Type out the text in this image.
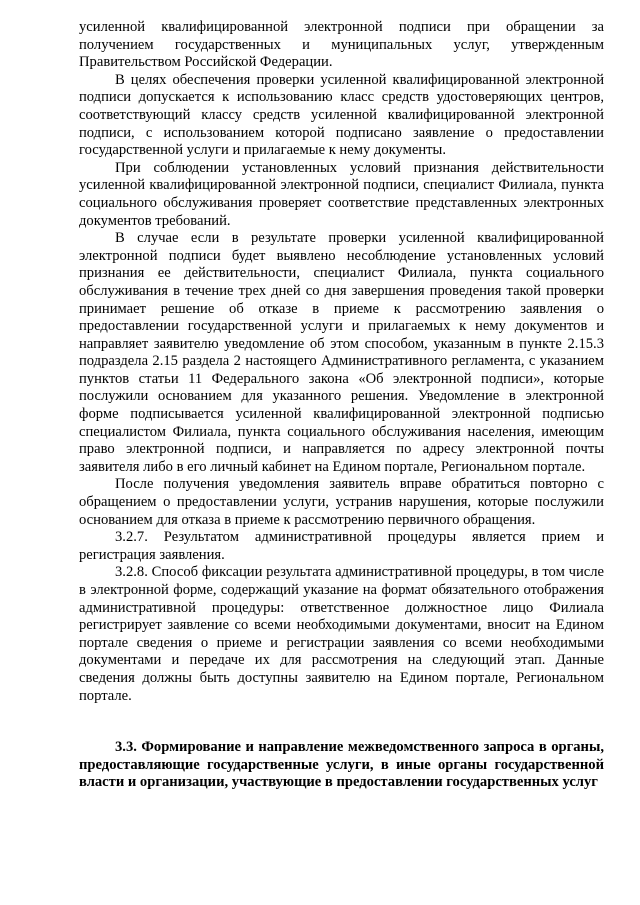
усиленной квалифицированной электронной подписи при обращении за получением государственных и муниципальных услуг, утвержденным Правительством Российской Федерации.

В целях обеспечения проверки усиленной квалифицированной электронной подписи допускается к использованию класс средств удостоверяющих центров, соответствующий классу средств усиленной квалифицированной электронной подписи, с использованием которой подписано заявление о предоставлении государственной услуги и прилагаемые к нему документы.

При соблюдении установленных условий признания действительности усиленной квалифицированной электронной подписи, специалист Филиала, пункта социального обслуживания проверяет соответствие представленных электронных документов требований.

В случае если в результате проверки усиленной квалифицированной электронной подписи будет выявлено несоблюдение установленных условий признания ее действительности, специалист Филиала, пункта социального обслуживания в течение трех дней со дня завершения проведения такой проверки принимает решение об отказе в приеме к рассмотрению заявления о предоставлении государственной услуги и прилагаемых к нему документов и направляет заявителю уведомление об этом способом, указанным в пункте 2.15.3 подраздела 2.15 раздела 2 настоящего Административного регламента, с указанием пунктов статьи 11 Федерального закона «Об электронной подписи», которые послужили основанием для указанного решения. Уведомление в электронной форме подписывается усиленной квалифицированной электронной подписью специалистом Филиала, пункта социального обслуживания населения, имеющим право электронной подписи, и направляется по адресу электронной почты заявителя либо в его личный кабинет на Едином портале, Региональном портале.

После получения уведомления заявитель вправе обратиться повторно с обращением о предоставлении услуги, устранив нарушения, которые послужили основанием для отказа в приеме к рассмотрению первичного обращения.

3.2.7. Результатом административной процедуры является прием и регистрация заявления.

3.2.8. Способ фиксации результата административной процедуры, в том числе в электронной форме, содержащий указание на формат обязательного отображения административной процедуры: ответственное должностное лицо Филиала регистрирует заявление со всеми необходимыми документами, вносит на Едином портале сведения о приеме и регистрации заявления со всеми необходимыми документами и передаче их для рассмотрения на следующий этап. Данные сведения должны быть доступны заявителю на Едином портале, Региональном портале.

3.3. Формирование и направление межведомственного запроса в органы, предоставляющие государственные услуги, в иные органы государственной власти и организации, участвующие в предоставлении государственных услуг
